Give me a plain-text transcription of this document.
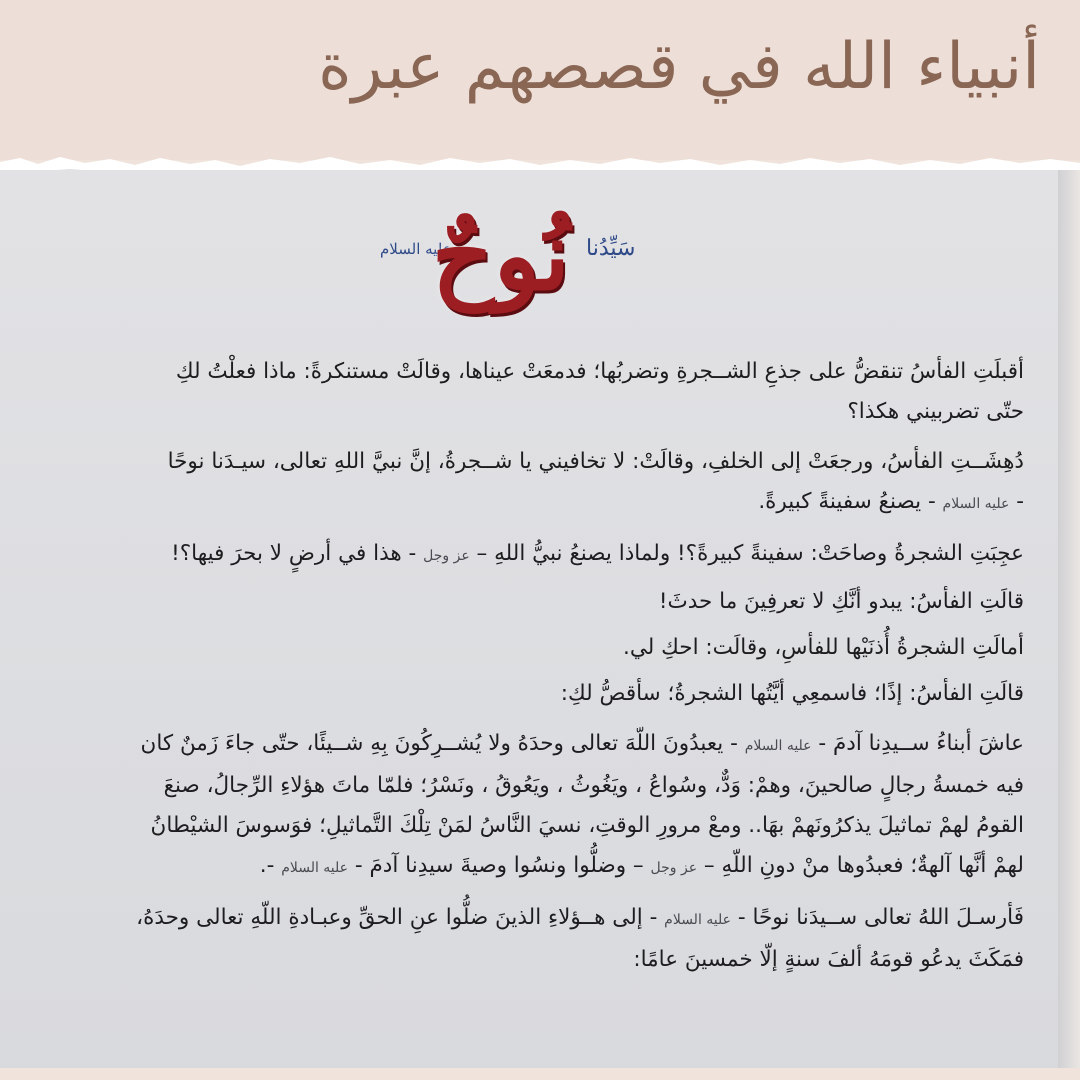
أنبياء الله في قصصهم عبرة
عليه السلام
نُوحٌ سَيِّدُنا
أقبلَتِ الفأسُ تنقضُّ على جذعِ الشــجرةِ وتضربُها؛ فدمعَتْ عيناها، وقالَتْ مستنكرةً: ماذا فعلْتُ لكِ
حتّى تضربيني هكذا؟
دُهِشَــتِ الفأسُ، ورجعَتْ إلى الخلفِ، وقالَتْ: لا تخافيني يا شــجرةُ، إنَّ نبيَّ اللهِ تعالى، سيـدَنا نوحًا
- عليه السلام - يصنعُ سفينةً كبيرةً.
عجِبَتِ الشجرةُ وصاحَتْ: سفينةً كبيرةً؟! ولماذا يصنعُ نبيُّ اللهِ – عز وجل - هذا في أرضٍ لا بحرَ فيها؟!
قالَتِ الفأسُ: يبدو أنَّكِ لا تعرفِينَ ما حدثَ!
أمالَتِ الشجرةُ أُذنَيْها للفأسِ، وقالَت: احكِ لي.
قالَتِ الفأسُ: إذًا؛ فاسمعِي أيَّتُها الشجرةُ؛ سأقصُّ لكِ:
عاشَ أبناءُ ســيدِنا آدمَ - عليه السلام - يعبدُونَ اللّهَ تعالى وحدَهُ ولا يُشــرِكُونَ بِهِ شــيئًا، حتّى جاءَ زَمنٌ كان
فيه خمسةُ رجالٍ صالحينَ، وهمْ: وَدٌّ، وسُواعُ ، ويَغُوثُ ، ويَعُوقُ ، ونَسْرُ؛ فلمّا ماتَ هؤلاءِ الرِّجالُ، صنعَ
القومُ لهمْ تماثيلَ يذكرُونَهمْ بهَا.. ومعْ مرورِ الوقتِ، نسيَ النَّاسُ لمَنْ تِلْكَ التَّماثيلِ؛ فوَسوسَ الشيْطانُ
لهمْ أنَّها آلهةٌ؛ فعبدُوها منْ دونِ اللّهِ – عز وجل – وضلُّوا ونسُوا وصيةَ سيدِنا آدمَ - عليه السلام -.
فَأرسـلَ اللهُ تعالى ســيدَنا نوحًا - عليه السلام - إلى هــؤلاءِ الذينَ ضلُّوا عنِ الحقِّ وعبـادةِ اللّهِ تعالى وحدَهُ،
فمَكَثَ يدعُو قومَهُ ألفَ سنةٍ إلّا خمسينَ عامًا:
